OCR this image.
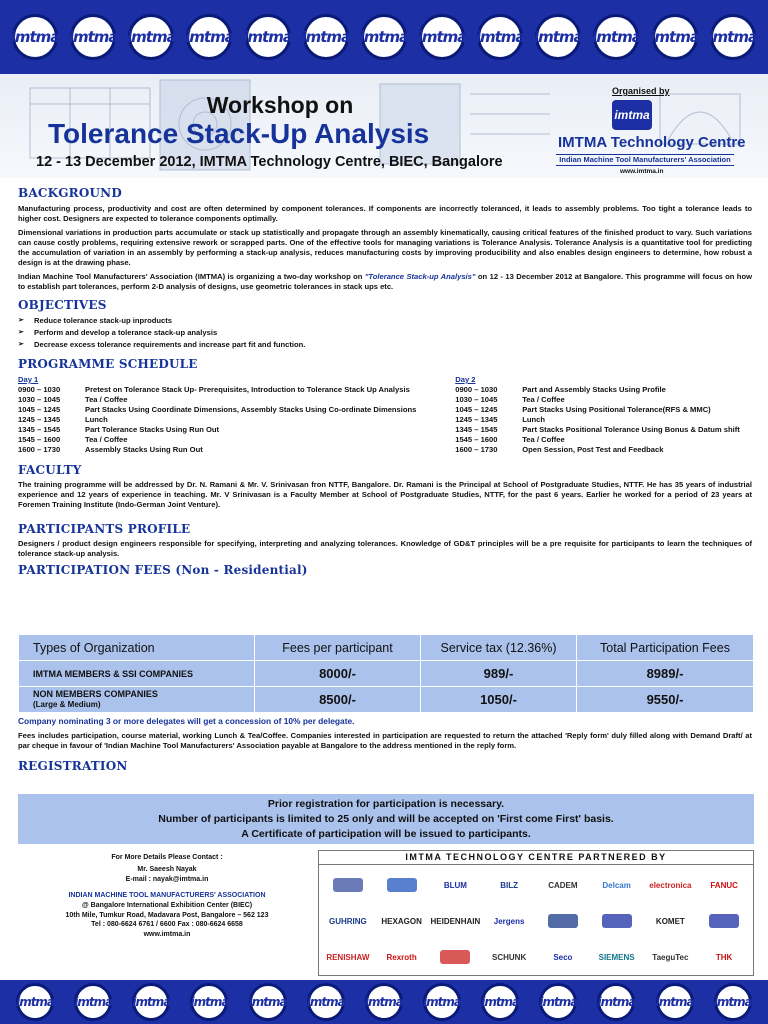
imtma imtma imtma imtma imtma imtma imtma imtma imtma imtma imtma imtma imtma
Workshop on
Tolerance Stack-Up Analysis
12 - 13 December 2012, IMTMA Technology Centre, BIEC, Bangalore
Organised by
imtma
IMTMA Technology Centre
Indian Machine Tool Manufacturers' Association
www.imtma.in
BACKGROUND

Manufacturing process, productivity and cost are often determined by component tolerances. If components are incorrectly toleranced, it leads to assembly problems. Too tight a tolerance leads to higher cost. Designers are expected to tolerance components optimally.

Dimensional variations in production parts accumulate or stack up statistically and propagate through an assembly kinematically, causing critical features of the finished product to vary. Such variations can cause costly problems, requiring extensive rework or scrapped parts. One of the effective tools for managing variations is Tolerance Analysis. Tolerance Analysis is a quantitative tool for predicting the accumulation of variation in an assembly by performing a stack-up analysis, reduces manufacturing costs by improving producibility and also enables design engineers to determine, how robust a design is at the drawing phase.

Indian Machine Tool Manufacturers' Association (IMTMA) is organizing a two-day workshop on "Tolerance Stack-up Analysis" on 12 - 13 December 2012 at Bangalore. This programme will focus on how to establish part tolerances, perform 2-D analysis of designs, use geometric tolerances in stack ups etc.

OBJECTIVES
➢ Reduce tolerance stack-up inproducts
➢ Perform and develop a tolerance stack-up analysis
➢ Decrease excess tolerance requirements and increase part fit and function.
PROGRAMME SCHEDULE
Day 1
0900 – 1030	Pretest on Tolerance Stack Up- Prerequisites, Introduction to Tolerance Stack Up Analysis
1030 – 1045	Tea / Coffee
1045 – 1245	Part Stacks Using Coordinate Dimensions, Assembly Stacks Using Co-ordinate Dimensions
1245 – 1345	Lunch
1345 – 1545	Part Tolerance Stacks Using Run Out
1545 – 1600	Tea / Coffee
1600 – 1730	Assembly Stacks Using Run Out
Day 2
0900 – 1030	Part and Assembly Stacks Using Profile
1030 – 1045	Tea / Coffee
1045 – 1245	Part Stacks Using Positional Tolerance(RFS & MMC)
1245 – 1345	Lunch
1345 – 1545	Part Stacks Positional Tolerance Using Bonus & Datum shift
1545 – 1600	Tea / Coffee
1600 – 1730	Open Session, Post Test and Feedback
FACULTY

The training programme will be addressed by Dr. N. Ramani & Mr. V. Srinivasan fron NTTF, Bangalore. Dr. Ramani is the Principal at School of Postgraduate Studies, NTTF. He has 35 years of industrial experience and 12 years of experience in teaching. Mr. V Srinivasan is a Faculty Member at School of Postgraduate Studies, NTTF, for the past 6 years. Earlier he worked for a period of 23 years at Foremen Training Institute (Indo-German Joint Venture).

PARTICIPANTS PROFILE

Designers / product design engineers responsible for specifying, interpreting and analyzing tolerances. Knowledge of GD&T principles will be a pre requisite for participants to learn the techniques of tolerance stack-up analysis.

PARTICIPATION FEES (Non - Residential)
Types of Organization	Fees per participant	Service tax (12.36%)	Total Participation Fees
IMTMA MEMBERS & SSI COMPANIES	8000/-	989/-	8989/-
NON MEMBERS COMPANIES
(Large & Medium)	8500/-	1050/-	9550/-

Company nominating 3 or more delegates will get a concession of 10% per delegate.

Fees includes participation, course material, working Lunch & Tea/Coffee. Companies interested in participation are requested to return the attached 'Reply form' duly filled along with Demand Draft/ at par cheque in favour of 'Indian Machine Tool Manufacturers' Association payable at Bangalore to the address mentioned in the reply form.

REGISTRATION
Prior registration for participation is necessary.
Number of participants is limited to 25 only and will be accepted on 'First come First' basis.
A Certificate of participation will be issued to participants.
For More Details Please Contact :
Mr. Saeesh Nayak
E-mail : nayak@imtma.in
INDIAN MACHINE TOOL MANUFACTURERS' ASSOCIATION
@ Bangalore International Exhibition Center (BIEC)
10th Mile, Tumkur Road, Madavara Post, Bangalore – 562 123
Tel : 080-6624 6761 / 6600 Fax : 080-6624 6658
www.imtma.in
IMTMA TECHNOLOGY CENTRE PARTNERED BY
BLUM	BILZ	CADEM	Delcam	electronica	FANUC
GUHRING	HEXAGON	HEIDENHAIN	Jergens	KOMET
RENISHAW	Rexroth	SCHUNK	Seco	SIEMENS	TaeguTec	THK
imtma imtma imtma imtma imtma imtma imtma imtma imtma imtma imtma imtma imtma
